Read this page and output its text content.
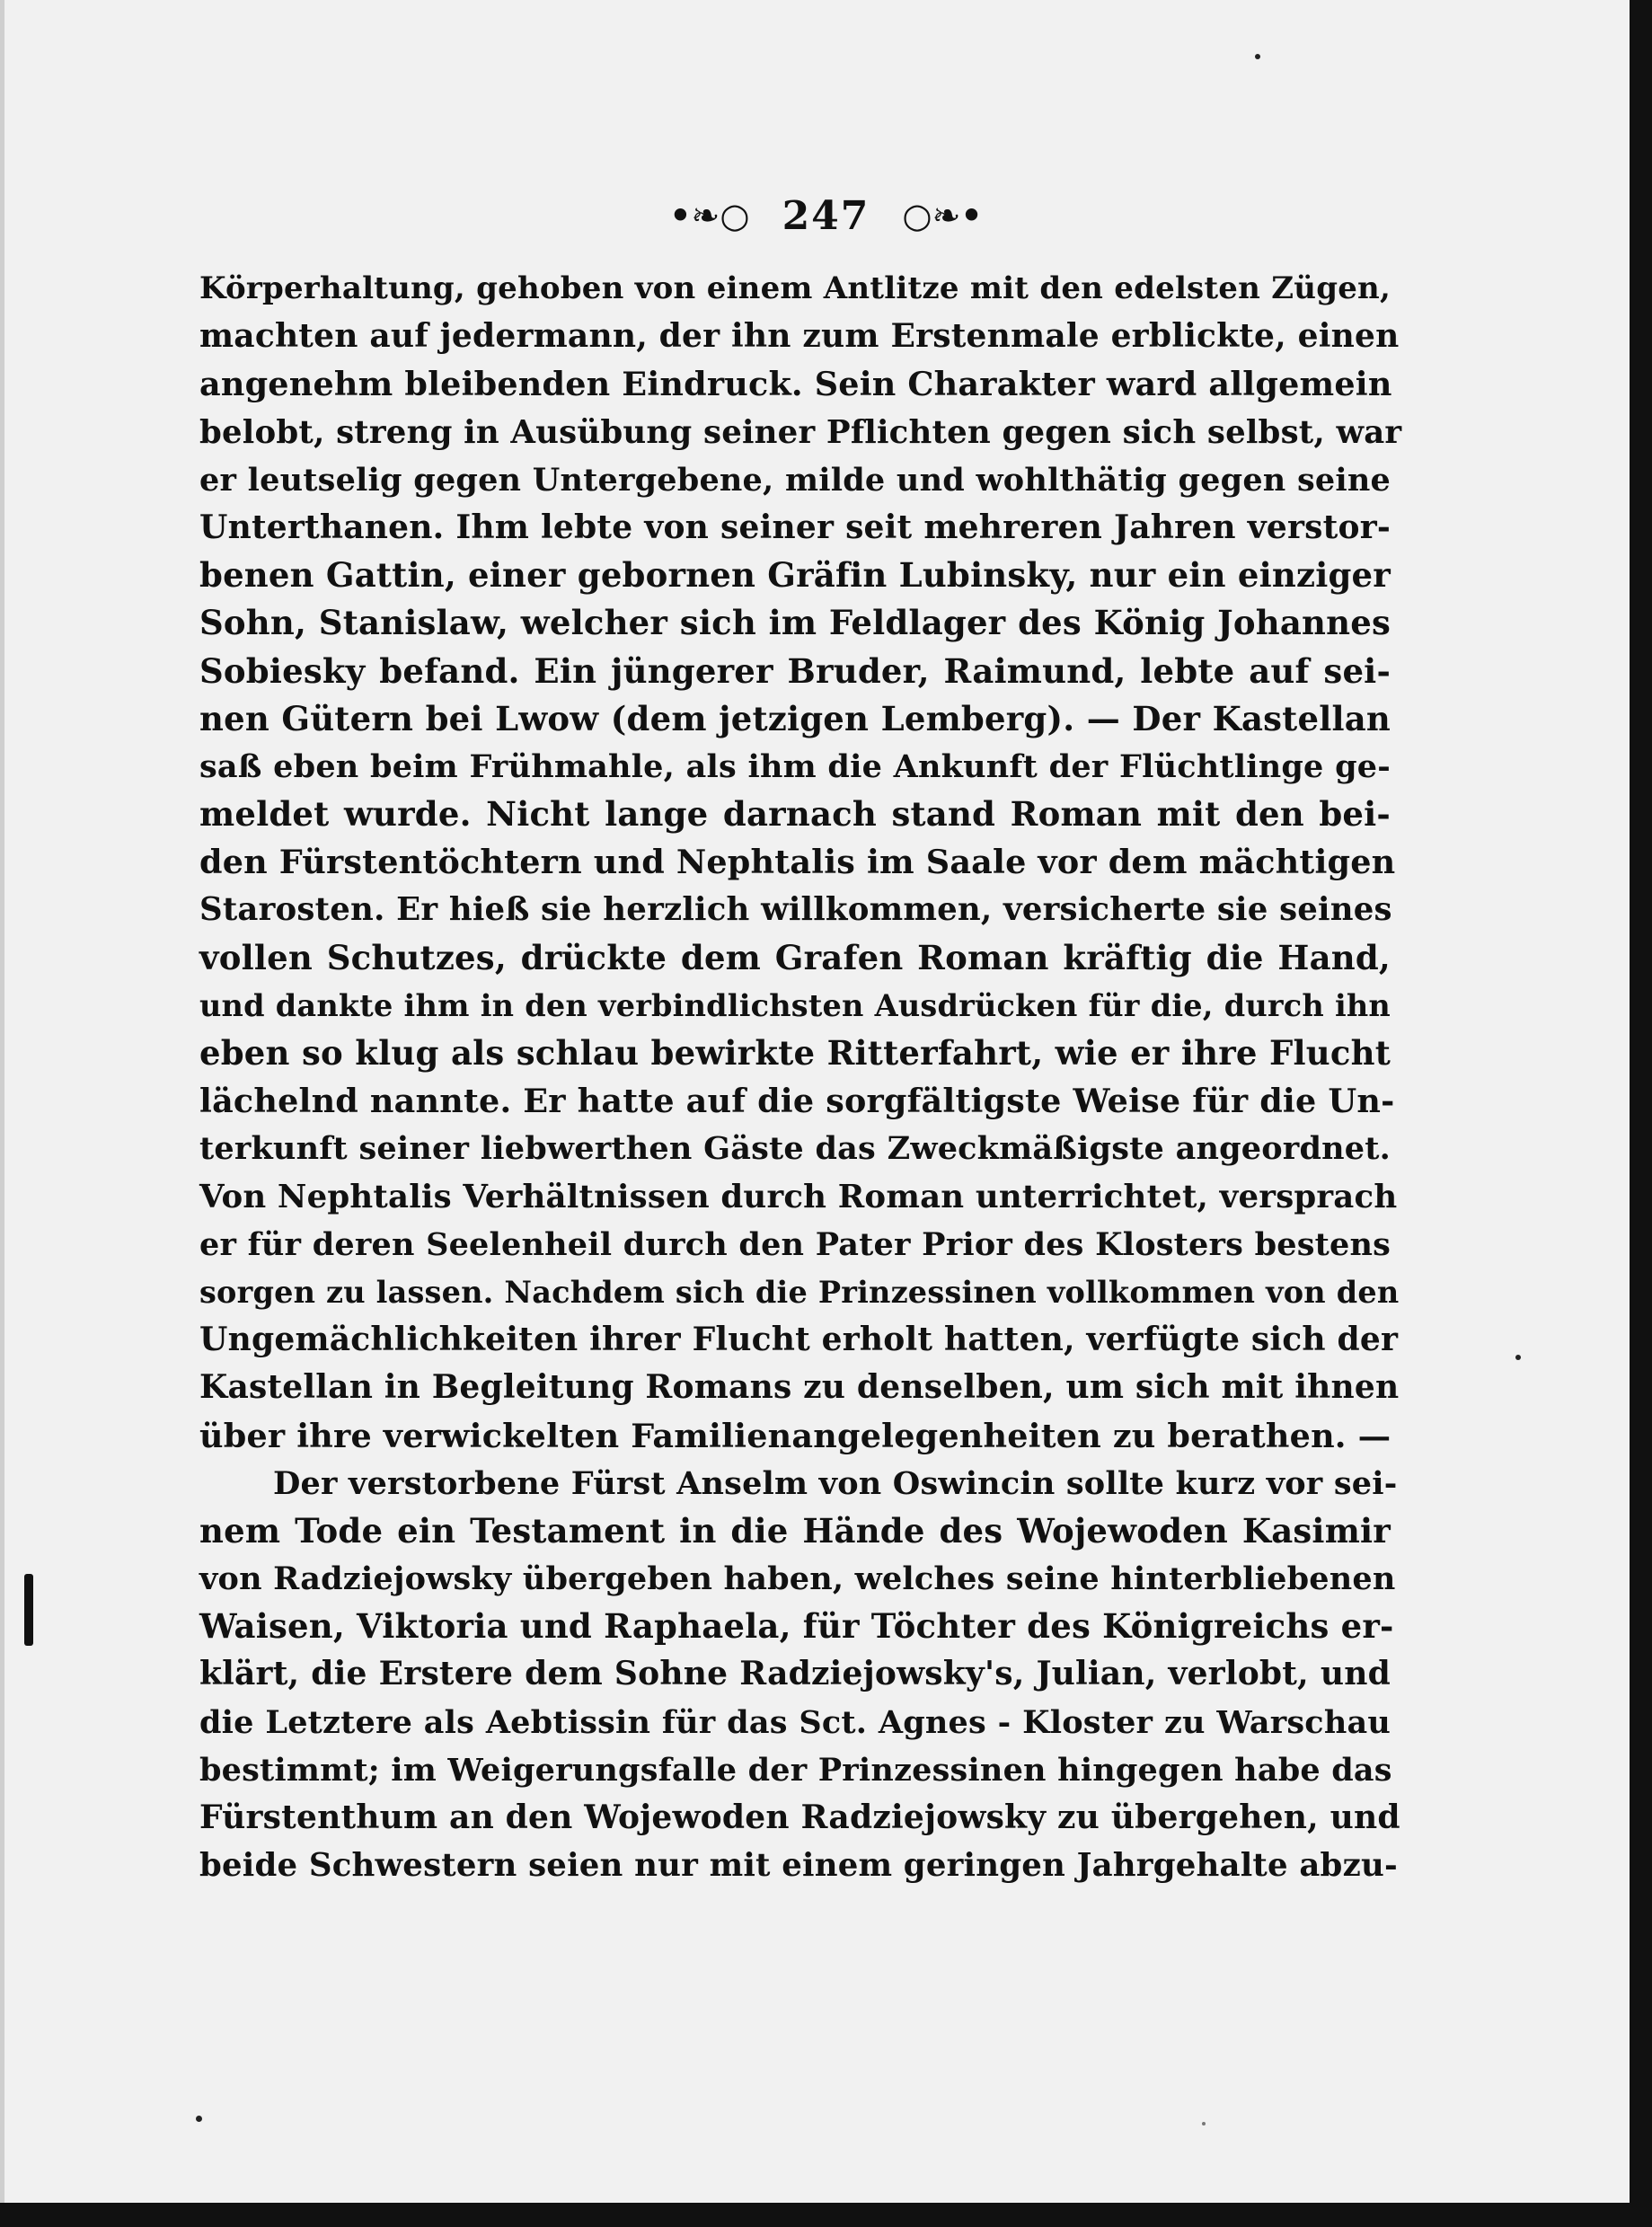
•❧○ 247 ○❧•
Körperhaltung, gehoben von einem Antlitze mit den edelsten Zügen,
machten auf jedermann, der ihn zum Erstenmale erblickte, einen
angenehm bleibenden Eindruck. Sein Charakter ward allgemein
belobt, streng in Ausübung seiner Pflichten gegen sich selbst, war
er leutselig gegen Untergebene, milde und wohlthätig gegen seine
Unterthanen. Ihm lebte von seiner seit mehreren Jahren verstor-
benen Gattin, einer gebornen Gräfin Lubinsky, nur ein einziger
Sohn, Stanislaw, welcher sich im Feldlager des König Johannes
Sobiesky befand. Ein jüngerer Bruder, Raimund, lebte auf sei-
nen Gütern bei Lwow (dem jetzigen Lemberg). — Der Kastellan
saß eben beim Frühmahle, als ihm die Ankunft der Flüchtlinge ge-
meldet wurde. Nicht lange darnach stand Roman mit den bei-
den Fürstentöchtern und Nephtalis im Saale vor dem mächtigen
Starosten. Er hieß sie herzlich willkommen, versicherte sie seines
vollen Schutzes, drückte dem Grafen Roman kräftig die Hand,
und dankte ihm in den verbindlichsten Ausdrücken für die, durch ihn
eben so klug als schlau bewirkte Ritterfahrt, wie er ihre Flucht
lächelnd nannte. Er hatte auf die sorgfältigste Weise für die Un-
terkunft seiner liebwerthen Gäste das Zweckmäßigste angeordnet.
Von Nephtalis Verhältnissen durch Roman unterrichtet, versprach
er für deren Seelenheil durch den Pater Prior des Klosters bestens
sorgen zu lassen. Nachdem sich die Prinzessinen vollkommen von den
Ungemächlichkeiten ihrer Flucht erholt hatten, verfügte sich der
Kastellan in Begleitung Romans zu denselben, um sich mit ihnen
über ihre verwickelten Familienangelegenheiten zu berathen. —
Der verstorbene Fürst Anselm von Oswincin sollte kurz vor sei-
nem Tode ein Testament in die Hände des Wojewoden Kasimir
von Radziejowsky übergeben haben, welches seine hinterbliebenen
Waisen, Viktoria und Raphaela, für Töchter des Königreichs er-
klärt, die Erstere dem Sohne Radziejowsky's, Julian, verlobt, und
die Letztere als Aebtissin für das Sct. Agnes - Kloster zu Warschau
bestimmt; im Weigerungsfalle der Prinzessinen hingegen habe das
Fürstenthum an den Wojewoden Radziejowsky zu übergehen, und
beide Schwestern seien nur mit einem geringen Jahrgehalte abzu-
